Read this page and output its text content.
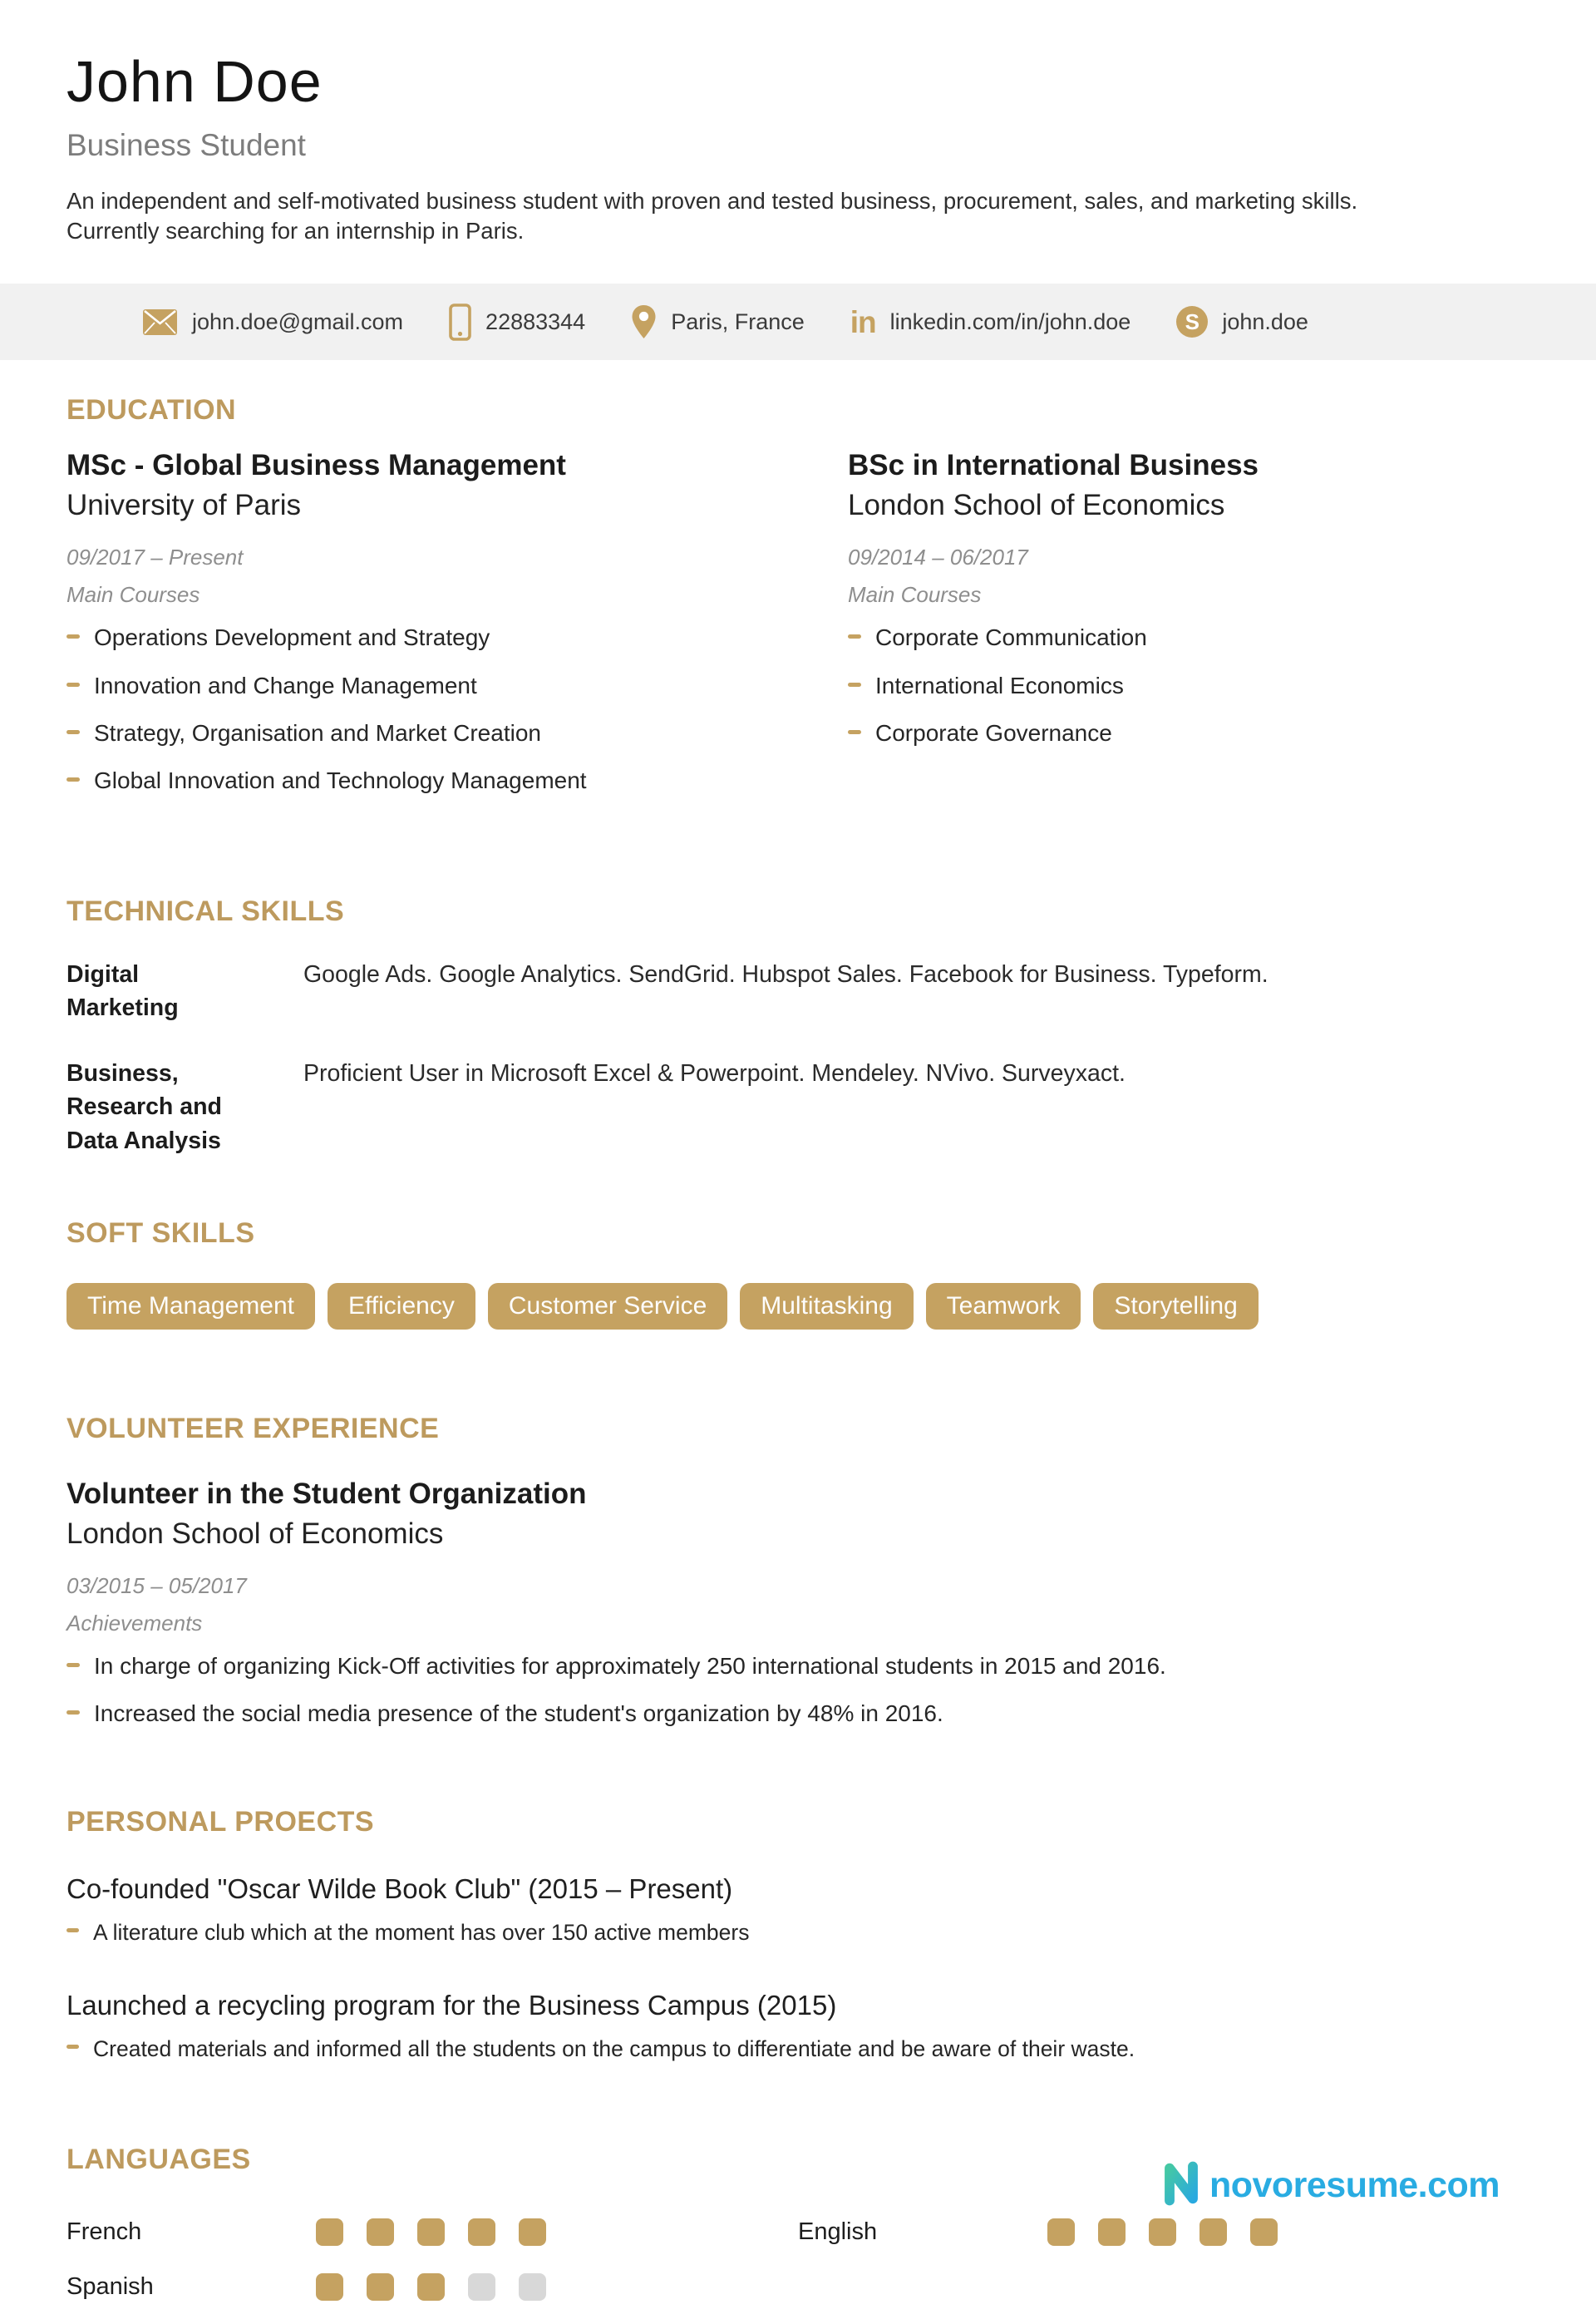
John Doe
Business Student

An independent and self-motivated business student with proven and tested business, procurement, sales, and marketing skills. Currently searching for an internship in Paris.

john.doe@gmail.com	22883344	Paris, France in	linkedin.com/in/john.doe S	john.doe
EDUCATION
MSc - Global Business Management
University of Paris
09/2017 – Present
Main Courses
Operations Development and Strategy
Innovation and Change Management
Strategy, Organisation and Market Creation
Global Innovation and Technology Management
BSc in International Business
London School of Economics
09/2014 – 06/2017
Main Courses
Corporate Communication
International Economics
Corporate Governance
TECHNICAL SKILLS
Digital Marketing
Google Ads. Google Analytics. SendGrid. Hubspot Sales. Facebook for Business. Typeform.
Business, Research and Data Analysis
Proficient User in Microsoft Excel & Powerpoint. Mendeley. NVivo. Surveyxact.
SOFT SKILLS
Time Management	Efficiency	Customer Service	Multitasking	Teamwork	Storytelling
VOLUNTEER EXPERIENCE
Volunteer in the Student Organization
London School of Economics
03/2015 – 05/2017
Achievements
In charge of organizing Kick-Off activities for approximately 250 international students in 2015 and 2016.
Increased the social media presence of the student's organization by 48% in 2016.
PERSONAL PROECTS
Co-founded "Oscar Wilde Book Club" (2015 – Present)
A literature club which at the moment has over 150 active members
Launched a recycling program for the Business Campus (2015)
Created materials and informed all the students on the campus to differentiate and be aware of their waste.
LANGUAGES
French
Spanish
English
novoresume.com
